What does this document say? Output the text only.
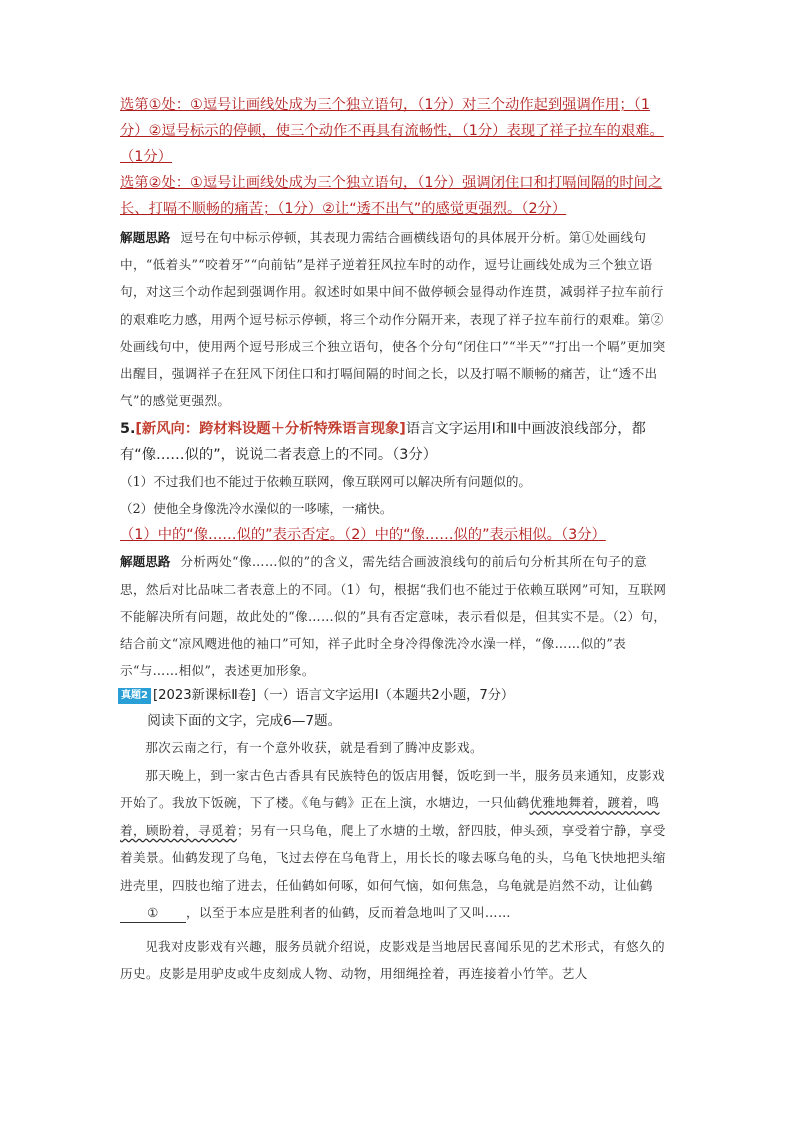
选第①处：①逗号让画线处成为三个独立语句，（1分）对三个动作起到强调作用；（1

分）②逗号标示的停顿，使三个动作不再具有流畅性，（1分）表现了祥子拉车的艰难。

（1分）

选第②处：①逗号让画线处成为三个独立语句，（1分）强调闭住口和打嗝间隔的时间之

长、打嗝不顺畅的痛苦；（1分）②让“透不出气”的感觉更强烈。（2分）

解题思路 逗号在句中标示停顿，其表现力需结合画横线语句的具体展开分析。第①处画线句中，“低着头”“咬着牙”“向前钻”是祥子逆着狂风拉车时的动作，逗号让画线处成为三个独立语句，对这三个动作起到强调作用。叙述时如果中间不做停顿会显得动作连贯，减弱祥子拉车前行的艰难吃力感，用两个逗号标示停顿，将三个动作分隔开来，表现了祥子拉车前行的艰难。第②处画线句中，使用两个逗号形成三个独立语句，使各个分句“闭住口”“半天”“打出一个嗝”更加突出醒目，强调祥子在狂风下闭住口和打嗝间隔的时间之长，以及打嗝不顺畅的痛苦，让“透不出气”的感觉更强烈。

5.[新风向：跨材料设题＋分析特殊语言现象]语言文字运用Ⅰ和Ⅱ中画波浪线部分，都有“像……似的”，说说二者表意上的不同。（3分）

（1）不过我们也不能过于依赖互联网，像互联网可以解决所有问题似的。

（2）使他全身像洗冷水澡似的一哆嗦，一痛快。

（1）中的“像……似的”表示否定。（2）中的“像……似的”表示相似。（3分）

解题思路 分析两处“像……似的”的含义，需先结合画波浪线句的前后句分析其所在句子的意思，然后对比品味二者表意上的不同。（1）句，根据“我们也不能过于依赖互联网”可知，互联网不能解决所有问题，故此处的“像……似的”具有否定意味，表示看似是，但其实不是。（2）句，结合前文“凉风飕进他的袖口”可知，祥子此时全身冷得像洗冷水澡一样，“像……似的”表示“与……相似”，表述更加形象。

真题2 [2023新课标Ⅱ卷]（一）语言文字运用Ⅰ（本题共2小题，7分）

阅读下面的文字，完成6—7题。

那次云南之行，有一个意外收获，就是看到了腾冲皮影戏。

那天晚上，到一家古色古香具有民族特色的饭店用餐，饭吃到一半，服务员来通知，皮影戏开始了。我放下饭碗，下了楼。《龟与鹤》正在上演，水塘边，一只仙鹤优雅地舞着，踱着，鸣着，顾盼着，寻觅着；另有一只乌龟，爬上了水塘的土墩，舒四肢，伸头颈，享受着宁静，享受着美景。仙鹤发现了乌龟，飞过去停在乌龟背上，用长长的喙去啄乌龟的头，乌龟飞快地把头缩进壳里，四肢也缩了进去，任仙鹤如何啄，如何气恼，如何焦急，乌龟就是岿然不动，让仙鹤① ，以至于本应是胜利者的仙鹤，反而着急地叫了又叫……

见我对皮影戏有兴趣，服务员就介绍说，皮影戏是当地居民喜闻乐见的艺术形式，有悠久的历史。皮影是用驴皮或牛皮刻成人物、动物，用细绳拴着，再连接着小竹竿。艺人
